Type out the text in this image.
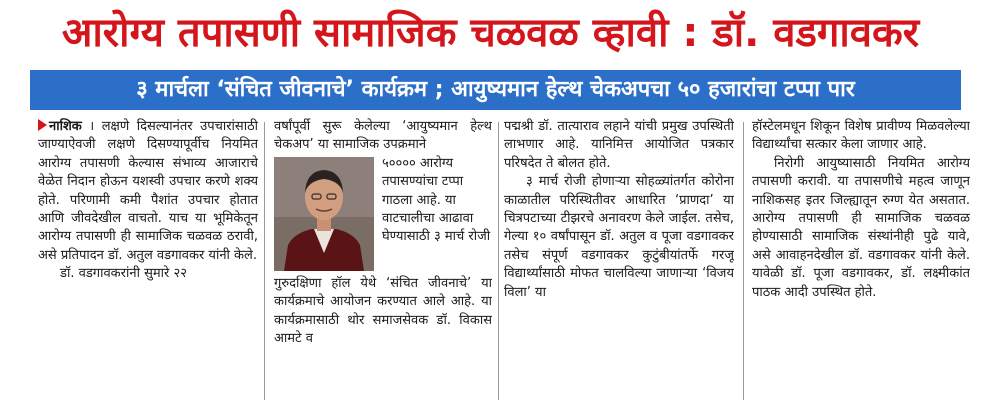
आरोग्य तपासणी सामाजिक चळवळ व्हावी : डॉ. वडगावकर
३ मार्चला ‘संचित जीवनाचे’ कार्यक्रम ; आयुष्यमान हेल्थ चेकअपचा ५० हजारांचा टप्पा पार

नाशिक । लक्षणे दिसल्यानंतर उपचारांसाठी जाण्याऐवजी लक्षणे दिसण्यापूर्वीच नियमित आरोग्य तपासणी केल्यास संभाव्य आजाराचे वेळेत निदान होऊन यशस्वी उपचार करणे शक्य होते. परिणामी कमी पैशांत उपचार होतात आणि जीवदेखील वाचतो. याच या भूमिकेतून आरोग्य तपासणी ही सामाजिक चळवळ ठरावी, असे प्रतिपादन डॉ. अतुल वडगावकर यांनी केले.

डॉ. वडगावकरांनी सुमारे २२

वर्षांपूर्वी सुरू केलेल्या ‘आयुष्यमान हेल्थ चेकअप’ या सामाजिक उपक्रमाने

५०००० आरोग्य तपासण्यांचा टप्पा गाठला आहे. या वाटचालीचा आढावा घेण्यासाठी ३ मार्च रोजी

गुरुदक्षिणा हॉल येथे ‘संचित जीवनाचे’ या कार्यक्रमाचे आयोजन करण्यात आले आहे. या कार्यक्रमासाठी थोर समाजसेवक डॉ. विकास आमटे व

पद्मश्री डॉ. तात्याराव लहाने यांची प्रमुख उपस्थिती लाभणार आहे. यानिमित्त आयोजित पत्रकार परिषदेत ते बोलत होते.

३ मार्च रोजी होणाऱ्या सोहळ्यांतर्गत कोरोना काळातील परिस्थितीवर आधारित ‘प्राणदा’ या चित्रपटाच्या टीझरचे अनावरण केले जाईल. तसेच, गेल्या १० वर्षांपासून डॉ. अतुल व पूजा वडगावकर तसेच संपूर्ण वडगावकर कुटुंबीयांतर्फे गरजू विद्यार्थ्यांसाठी मोफत चालविल्या जाणाऱ्या ‘विजय विला’ या

हॉस्टेलमधून शिकून विशेष प्रावीण्य मिळवलेल्या विद्यार्थ्यांचा सत्कार केला जाणार आहे.

निरोगी आयुष्यासाठी नियमित आरोग्य तपासणी करावी. या तपासणीचे महत्व जाणून नाशिकसह इतर जिल्ह्यातून रुग्ण येत असतात. आरोग्य तपासणी ही सामाजिक चळवळ होण्यासाठी सामाजिक संस्थांनीही पुढे यावे, असे आवाहनदेखील डॉ. वडगावकर यांनी केले. यावेळी डॉ. पूजा वडगावकर, डॉ. लक्ष्मीकांत पाठक आदी उपस्थित होते.
